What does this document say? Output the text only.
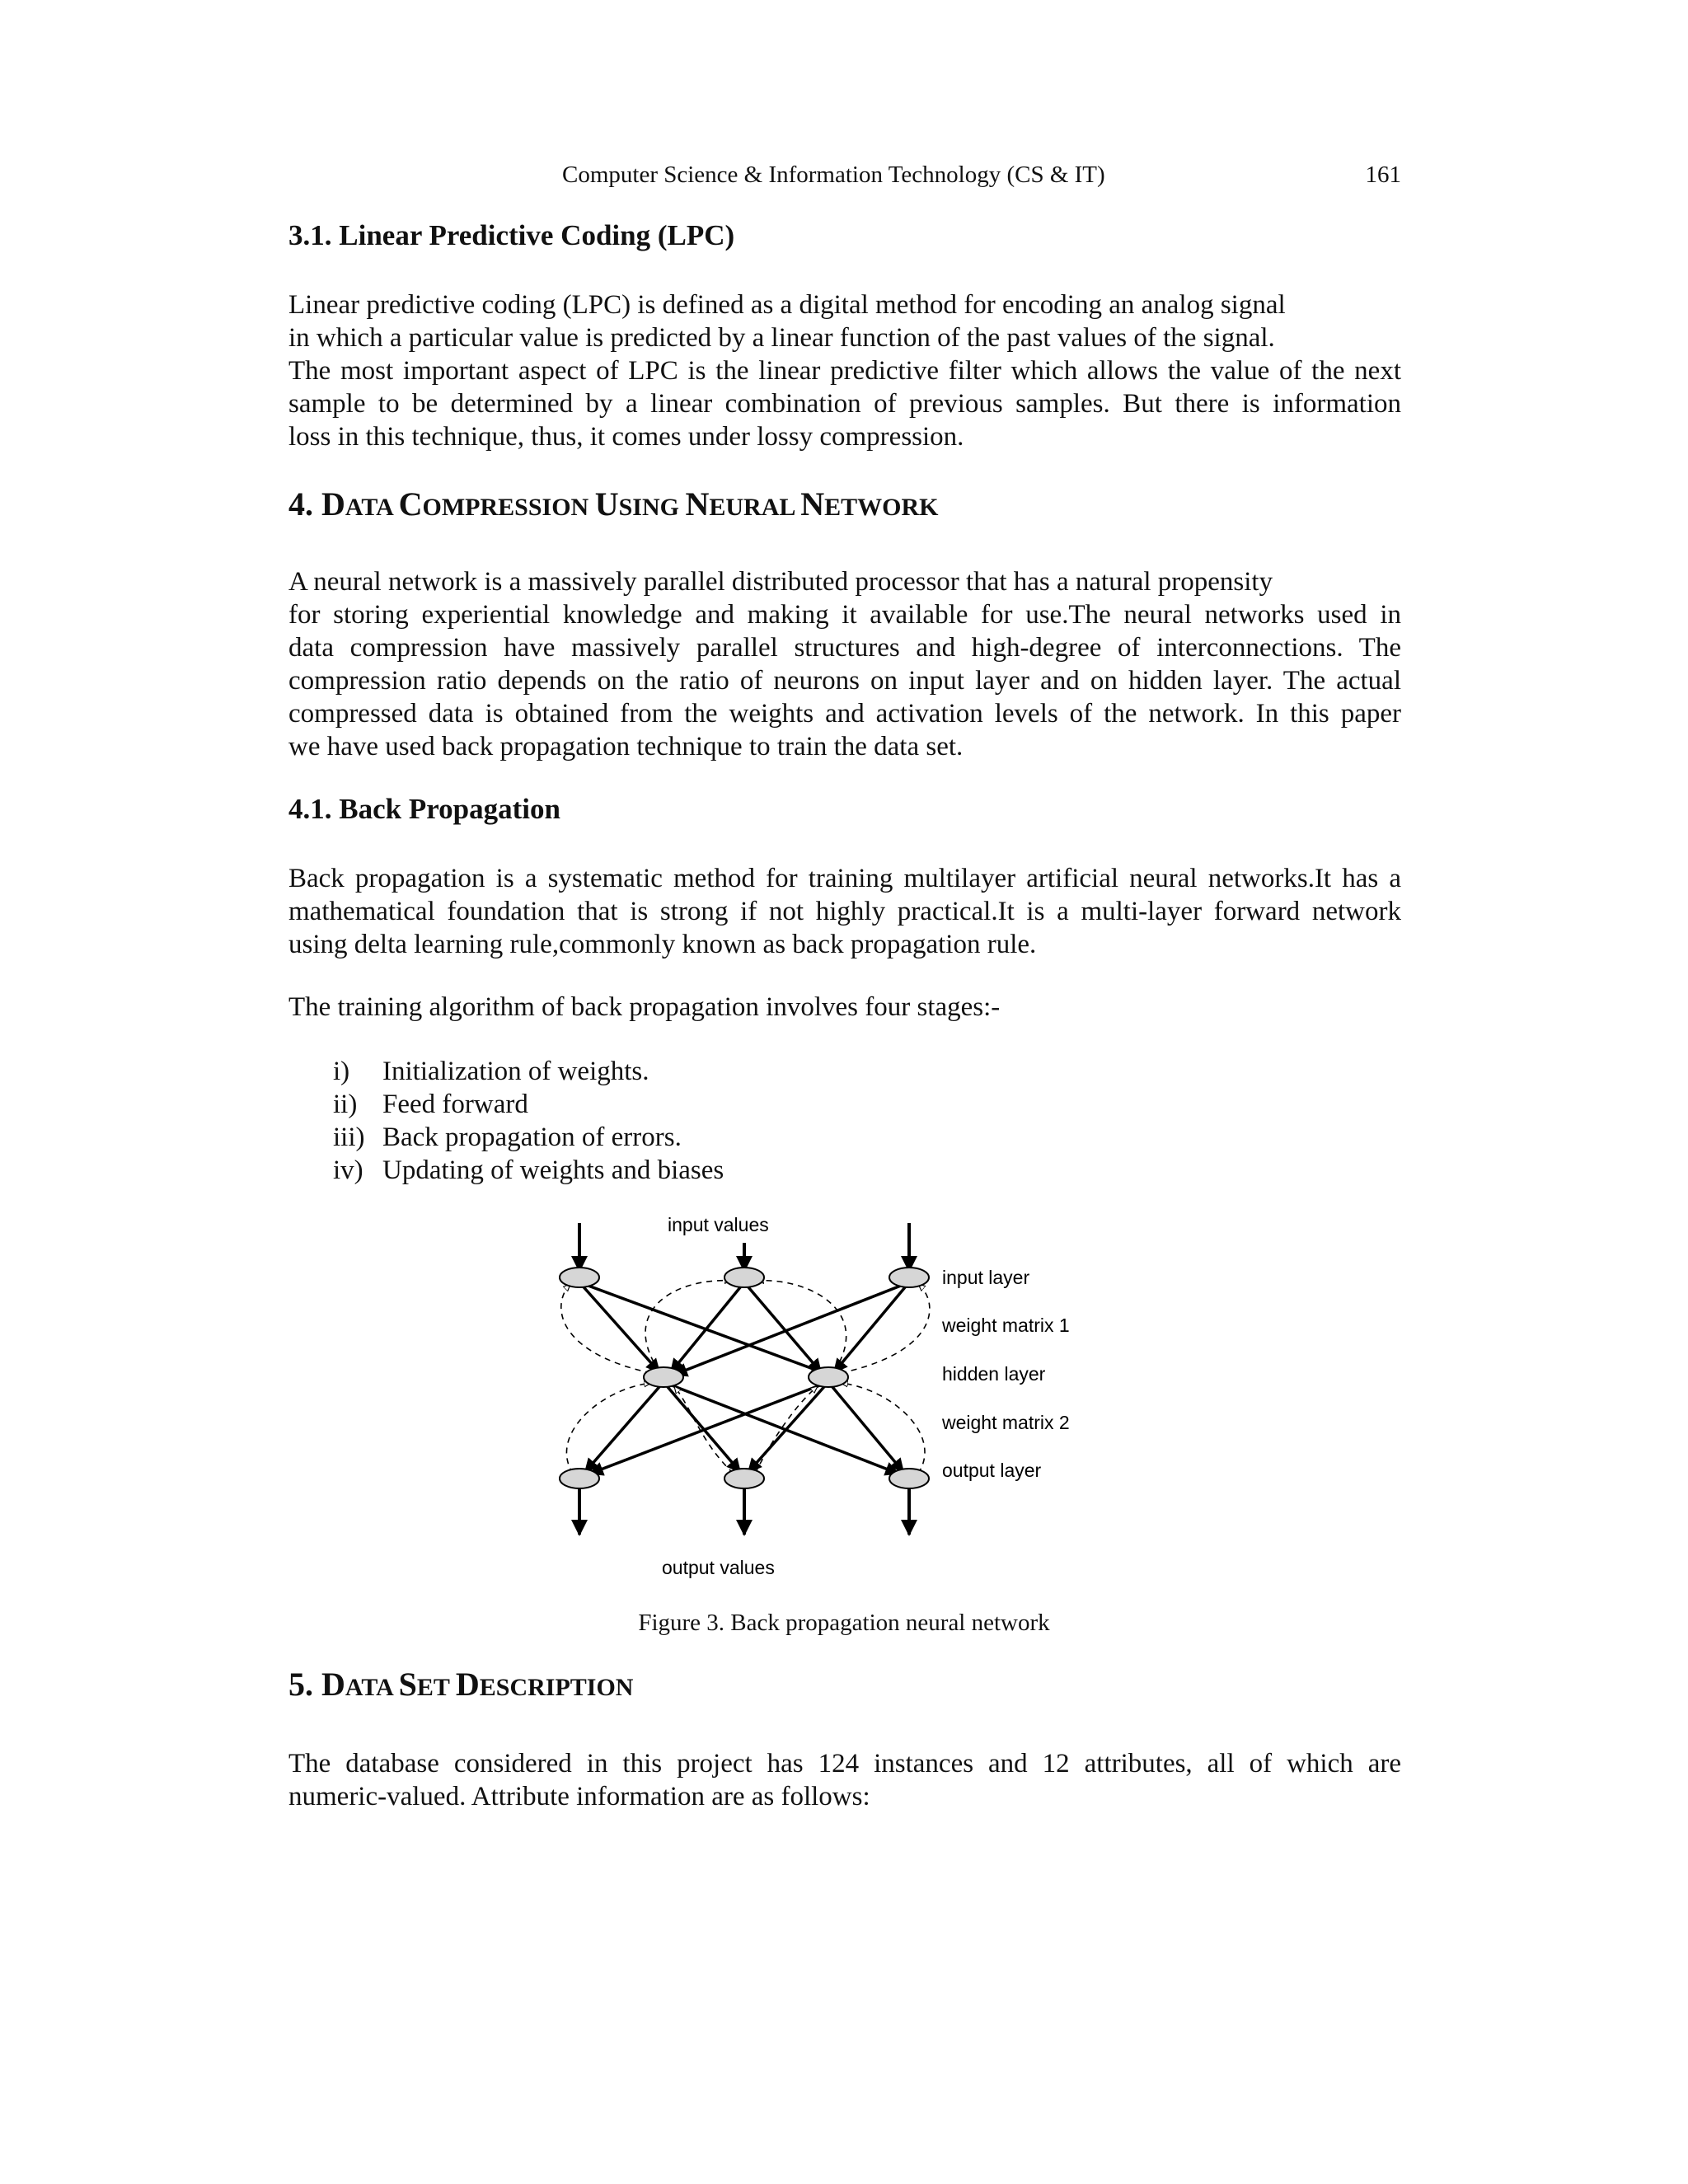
Computer Science & Information Technology (CS & IT)	161
3.1. Linear Predictive Coding (LPC)
Linear predictive coding (LPC) is defined as a digital method for encoding an analog signal
in which a particular value is predicted by a linear function of the past values of the signal.
The most important aspect of LPC is the linear predictive filter which allows the value of the next
sample to be determined by a linear combination of previous samples. But there is information
loss in this technique, thus, it comes under lossy compression.
4. DATA COMPRESSION USING NEURAL NETWORK
A neural network is a massively parallel distributed processor that has a natural propensity
for storing experiential knowledge and making it available for use.The neural networks used in
data compression have massively parallel structures and high-degree of interconnections. The
compression ratio depends on the ratio of neurons on input layer and on hidden layer. The actual
compressed data is obtained from the weights and activation levels of the network. In this paper
we have used back propagation technique to train the data set.
4.1. Back Propagation
Back propagation is a systematic method for training multilayer artificial neural networks.It has a
mathematical foundation that is strong if not highly practical.It is a multi-layer forward network
using delta learning rule,commonly known as back propagation rule.
The training algorithm of back propagation involves four stages:-
i)	Initialization of weights.
ii) Feed forward
iii) Back propagation of errors.
iv) Updating of weights and biases
input values
input layer
weight matrix 1
hidden layer
weight matrix 2
output layer
output values
Figure 3. Back propagation neural network
5. DATA SET DESCRIPTION
The database considered in this project has 124 instances and 12 attributes, all of which are
numeric-valued. Attribute information are as follows:
